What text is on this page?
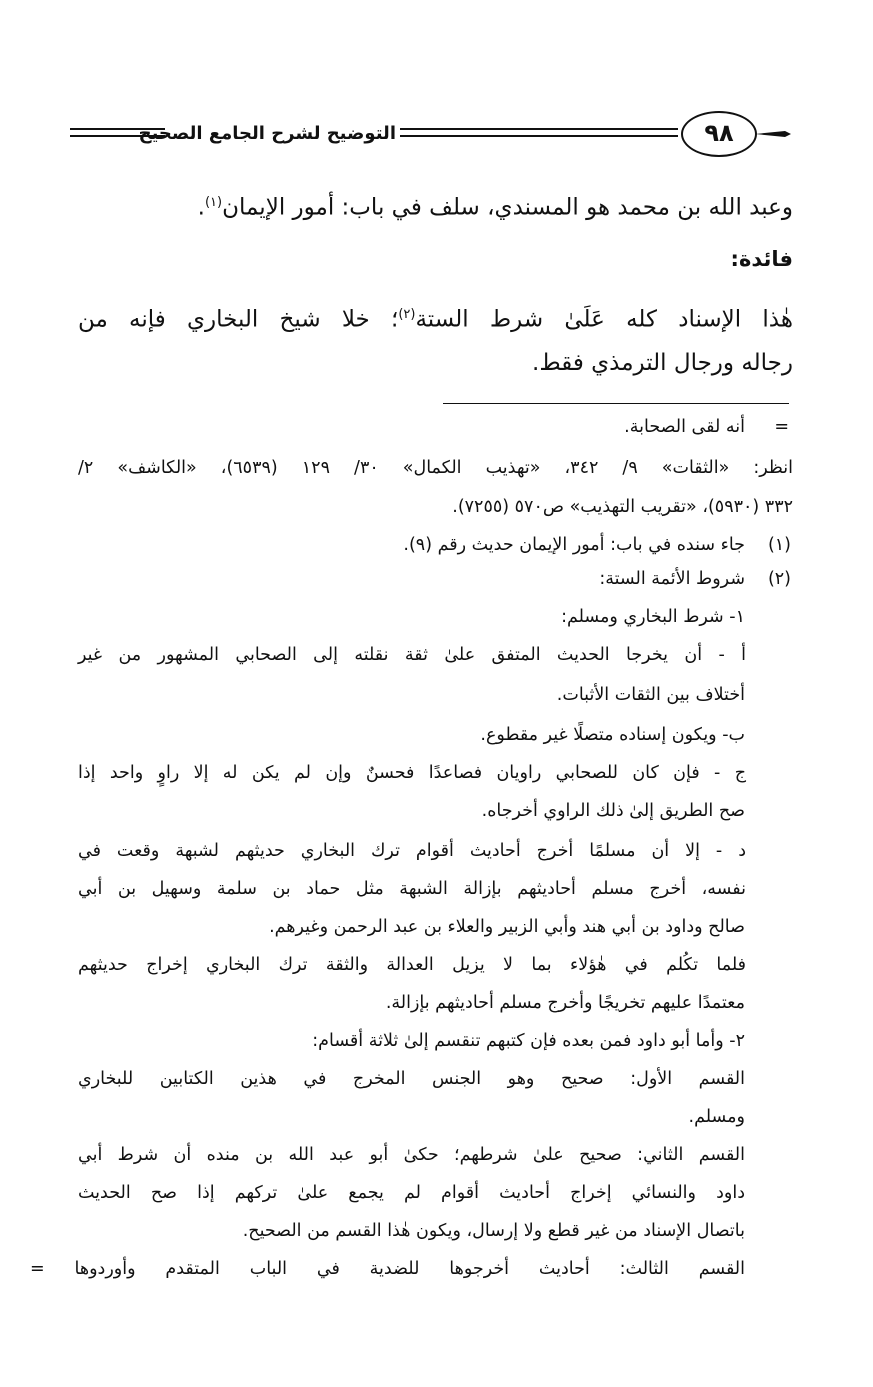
٩٨
التوضيح لشرح الجامع الصحيح
وعبد الله بن محمد هو المسندي، سلف في باب: أمور الإيمان$^{(١)}$.
فائدة:
هٰذا الإسناد كله عَلَىٰ شرط الستة$^{(٢)}$؛ خلا شيخ البخاري فإنه من
رجاله ورجال الترمذي فقط.
=
أنه لقى الصحابة.
انظر: «الثقات» ٩/ ٣٤٢، «تهذيب الكمال» ٣٠/ ١٢٩ (٦٥٣٩)، «الكاشف» ٢/
٣٣٢ (٥٩٣٠)، «تقريب التهذيب» ص٥٧٠ (٧٢٥٥).
(١)
جاء سنده في باب: أمور الإيمان حديث رقم (٩).
(٢)
شروط الأئمة الستة:
١- شرط البخاري ومسلم:
أ - أن يخرجا الحديث المتفق علىٰ ثقة نقلته إلى الصحابي المشهور من غير
أختلاف بين الثقات الأثبات.
ب- ويكون إسناده متصلًا غير مقطوع.
ج - فإن كان للصحابي راويان فصاعدًا فحسنٌ وإن لم يكن له إلا راوٍ واحد إذا
صح الطريق إلىٰ ذلك الراوي أخرجاه.
د - إلا أن مسلمًا أخرج أحاديث أقوام ترك البخاري حديثهم لشبهة وقعت في
نفسه، أخرج مسلم أحاديثهم بإزالة الشبهة مثل حماد بن سلمة وسهيل بن أبي
صالح وداود بن أبي هند وأبي الزبير والعلاء بن عبد الرحمن وغيرهم.
فلما تكُلم في هٰؤلاء بما لا يزيل العدالة والثقة ترك البخاري إخراج حديثهم
معتمدًا عليهم تخريجًا وأخرج مسلم أحاديثهم بإزالة.
٢- وأما أبو داود فمن بعده فإن كتبهم تنقسم إلىٰ ثلاثة أقسام:
القسم الأول: صحيح وهو الجنس المخرج في هذين الكتابين للبخاري
ومسلم.
القسم الثاني: صحيح علىٰ شرطهم؛ حكىٰ أبو عبد الله بن منده أن شرط أبي
داود والنسائي إخراج أحاديث أقوام لم يجمع علىٰ تركهم إذا صح الحديث
باتصال الإسناد من غير قطع ولا إرسال، ويكون هٰذا القسم من الصحيح.
القسم الثالث: أحاديث أخرجوها للضدية في الباب المتقدم وأوردوها =
